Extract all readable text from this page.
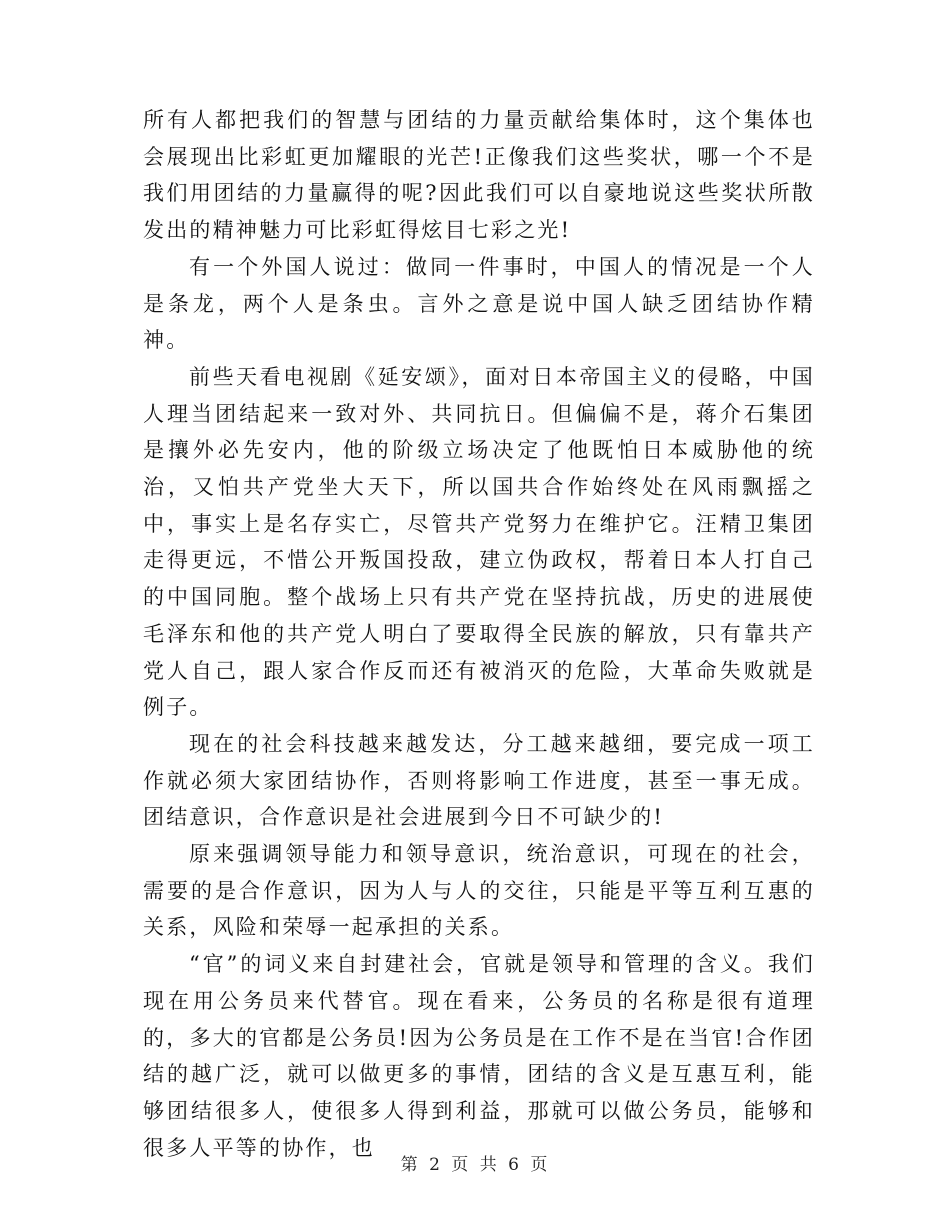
所有人都把我们的智慧与团结的力量贡献给集体时，这个集体也会展现出比彩虹更加耀眼的光芒!正像我们这些奖状，哪一个不是我们用团结的力量赢得的呢?因此我们可以自豪地说这些奖状所散发出的精神魅力可比彩虹得炫目七彩之光!

有一个外国人说过：做同一件事时，中国人的情况是一个人是条龙，两个人是条虫。言外之意是说中国人缺乏团结协作精神。

前些天看电视剧《延安颂》，面对日本帝国主义的侵略，中国人理当团结起来一致对外、共同抗日。但偏偏不是，蒋介石集团是攘外必先安内，他的阶级立场决定了他既怕日本威胁他的统治，又怕共产党坐大天下，所以国共合作始终处在风雨飘摇之中，事实上是名存实亡，尽管共产党努力在维护它。汪精卫集团走得更远，不惜公开叛国投敌，建立伪政权，帮着日本人打自己的中国同胞。整个战场上只有共产党在坚持抗战，历史的进展使毛泽东和他的共产党人明白了要取得全民族的解放，只有靠共产党人自己，跟人家合作反而还有被消灭的危险，大革命失败就是例子。

现在的社会科技越来越发达，分工越来越细，要完成一项工作就必须大家团结协作，否则将影响工作进度，甚至一事无成。团结意识，合作意识是社会进展到今日不可缺少的!

原来强调领导能力和领导意识，统治意识，可现在的社会，需要的是合作意识，因为人与人的交往，只能是平等互利互惠的关系，风险和荣辱一起承担的关系。

“官”的词义来自封建社会，官就是领导和管理的含义。我们现在用公务员来代替官。现在看来，公务员的名称是很有道理的，多大的官都是公务员!因为公务员是在工作不是在当官!合作团结的越广泛，就可以做更多的事情，团结的含义是互惠互利，能够团结很多人，使很多人得到利益，那就可以做公务员，能够和很多人平等的协作，也

第 2 页 共 6 页
